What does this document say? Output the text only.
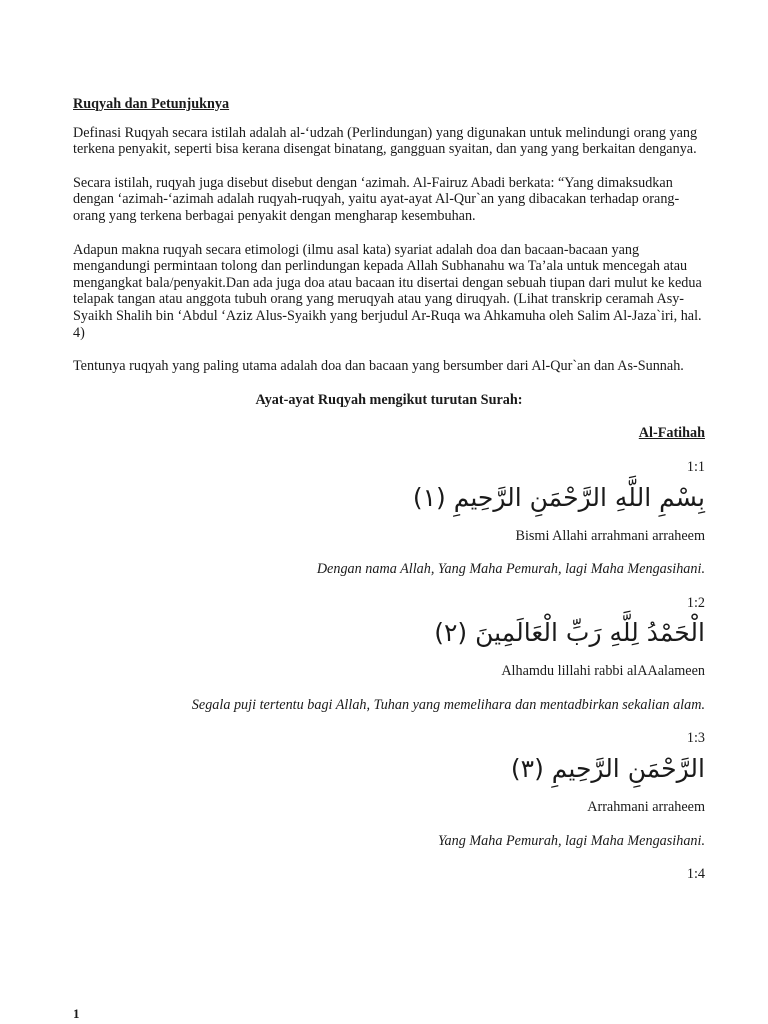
Ruqyah dan Petunjuknya

Definasi Ruqyah secara istilah adalah al-‘udzah (Perlindungan) yang digunakan untuk melindungi orang yang terkena penyakit, seperti bisa kerana disengat binatang, gangguan syaitan, dan yang yang berkaitan denganya.

Secara istilah, ruqyah juga disebut disebut dengan ‘azimah. Al-Fairuz Abadi berkata: “Yang dimaksudkan dengan ‘azimah-‘azimah adalah ruqyah-ruqyah, yaitu ayat-ayat Al-Qur`an yang dibacakan terhadap orang-orang yang terkena berbagai penyakit dengan mengharap kesembuhan.

Adapun makna ruqyah secara etimologi (ilmu asal kata) syariat adalah doa dan bacaan-bacaan yang mengandungi permintaan tolong dan perlindungan kepada Allah Subhanahu wa Ta’ala untuk mencegah atau mengangkat bala/penyakit.Dan ada juga doa atau bacaan itu disertai dengan sebuah tiupan dari mulut ke kedua telapak tangan atau anggota tubuh orang yang meruqyah atau yang diruqyah. (Lihat transkrip ceramah Asy-Syaikh Shalih bin ‘Abdul ‘Aziz Alus-Syaikh yang berjudul Ar-Ruqa wa Ahkamuha oleh Salim Al-Jaza`iri, hal. 4)

Tentunya ruqyah yang paling utama adalah doa dan bacaan yang bersumber dari Al-Qur`an dan As-Sunnah.

Ayat-ayat Ruqyah mengikut turutan Surah:

Al-Fatihah

1:1

بِسْمِ اللَّهِ الرَّحْمَنِ الرَّحِيمِ (١)

Bismi Allahi arrahmani arraheem

Dengan nama Allah, Yang Maha Pemurah, lagi Maha Mengasihani.

1:2

الْحَمْدُ لِلَّهِ رَبِّ الْعَالَمِينَ (٢)

Alhamdu lillahi rabbi alAAalameen

Segala puji tertentu bagi Allah, Tuhan yang memelihara dan mentadbirkan sekalian alam.

1:3

الرَّحْمَنِ الرَّحِيمِ (٣)

Arrahmani arraheem

Yang Maha Pemurah, lagi Maha Mengasihani.

1:4

1
